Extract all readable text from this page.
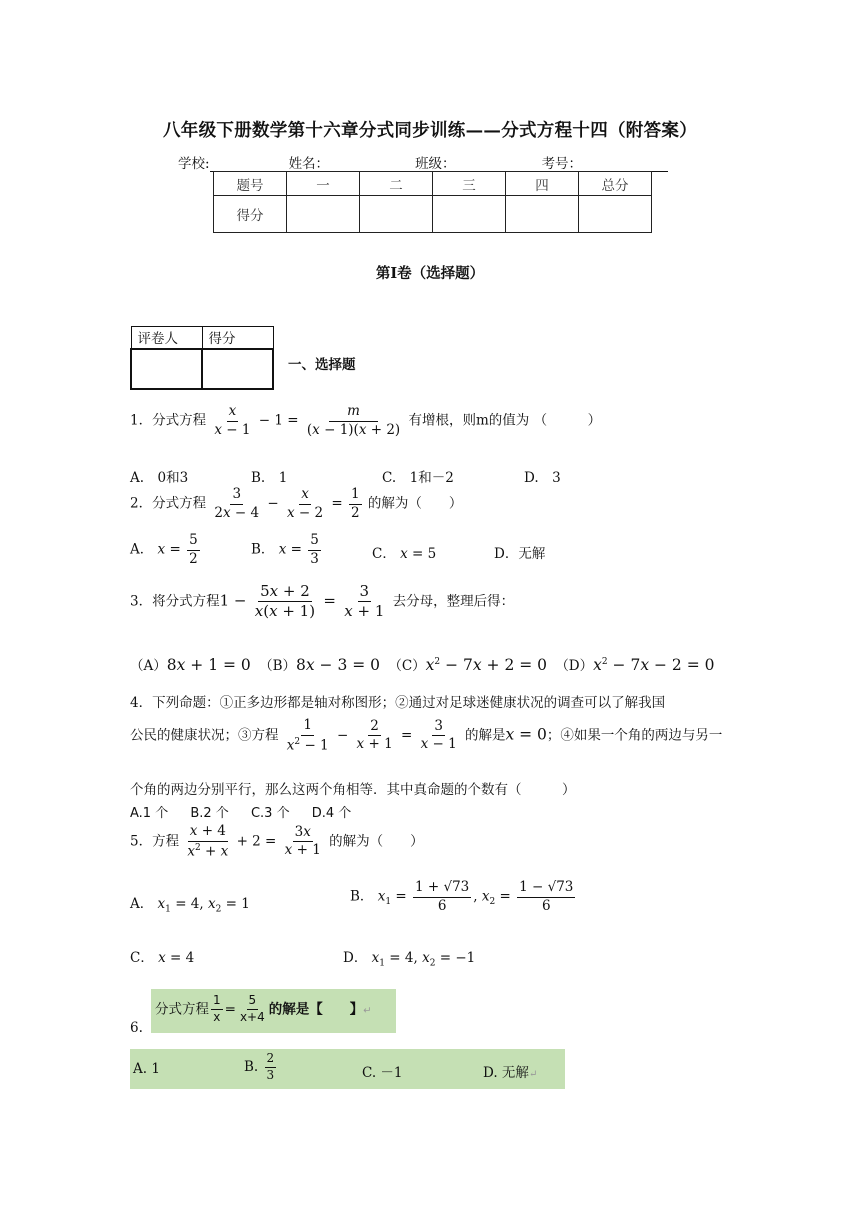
八年级下册数学第十六章分式同步训练——分式方程十四（附答案）
学校:	姓名：	班级：	考号：
题号	一	二	三	四	总分
得分					
第Ⅰ卷（选择题）
评卷人	得分

一、选择题
1．分式方程 $\frac{x}{x - 1} - 1 = \frac{m}{(x - 1)(x + 2)}$ 有增根，则m的值为 （　　　）
A.　0和3	B.　1	C.　1和－2	D.　3
2．分式方程 $\frac{3}{2x - 4} - \frac{x}{x - 2} = \frac{1}{2}$ 的解为（　　）
A． $x = \frac{5}{2}$	B． $x = \frac{5}{3}$	C． x = 5	D．无解
3．将分式方程$1 - \frac{5x + 2}{x(x + 1)} = \frac{3}{x + 1}$ 去分母，整理后得：
（A）8x + 1 = 0 （B）8x − 3 = 0 $(C)x^2 - 7x + 2 = 0$ $(D)x^2 - 7x - 2 = 0$
4．下列命题：①正多边形都是轴对称图形；②通过对足球迷健康状况的调查可以了解我国
公民的健康状况；③方程 $\frac{1}{x^2 - 1} - \frac{2}{x + 1} = \frac{3}{x - 1}$ 的解是x = 0；④如果一个角的两边与另一
个角的两边分别平行，那么这两个角相等．其中真命题的个数有（　　　）
A.1 个 B.2 个 C.3 个 D.4 个
5．方程 $\frac{x + 4}{x^2 + x} + 2 = \frac{3x}{x + 1}$ 的解为（　　）
A． $x_1 = 4$, $x_2 = 1$	B． $x_1 = \frac{1 + √73}{6}$ , $x_2 = \frac{1 - √73}{6}$
C． x = 4	D． $x_1 = 4$, $x_2 = -1$
分式方程 $\frac{1}{x} = \frac{5}{x+4}$ 的解是【　　】↵
6.
A. 1	B. $\frac{2}{3}$	C. －1	D. 无解↵
